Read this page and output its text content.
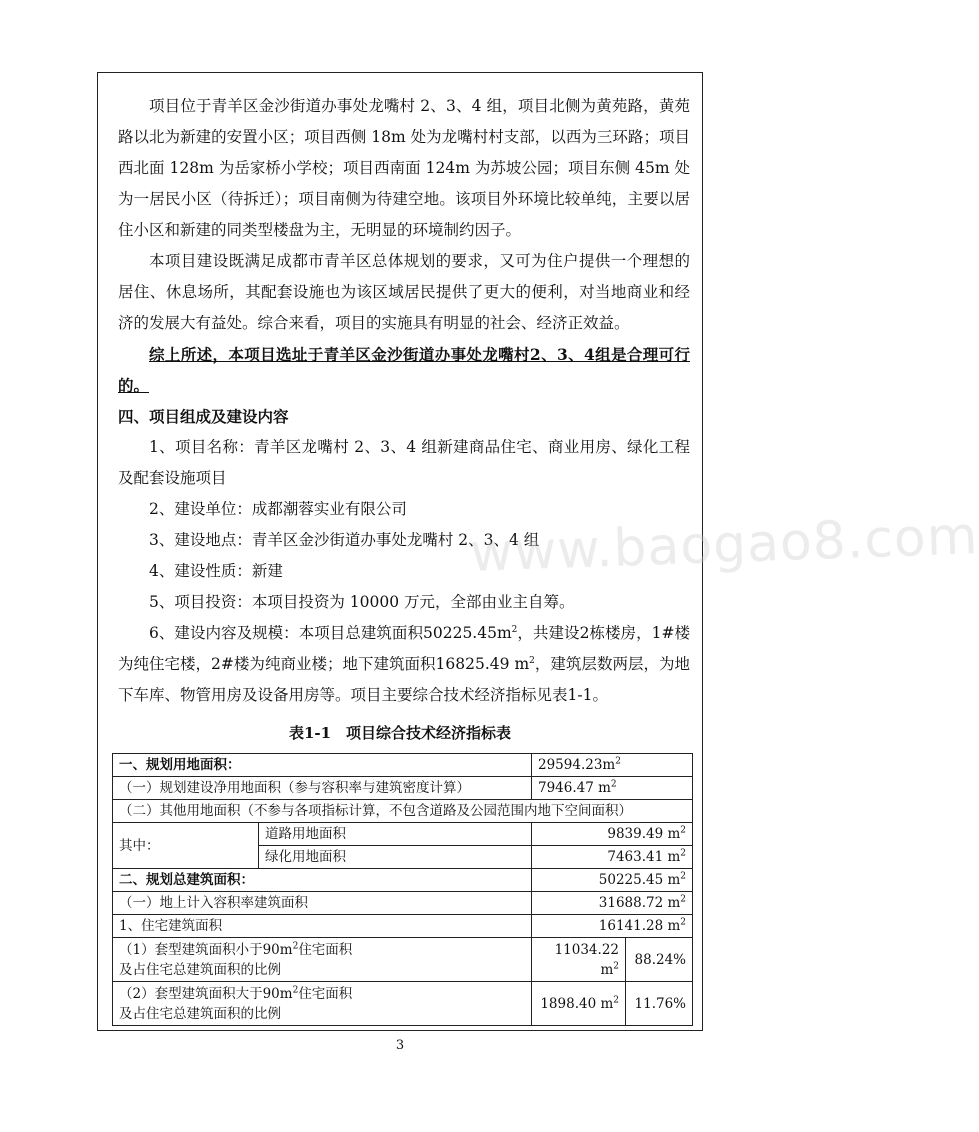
项目位于青羊区金沙街道办事处龙嘴村 2、3、4 组，项目北侧为黄苑路，黄苑路以北为新建的安置小区；项目西侧 18m 处为龙嘴村村支部，以西为三环路；项目西北面 128m 为岳家桥小学校；项目西南面 124m 为苏坡公园；项目东侧 45m 处为一居民小区（待拆迁）；项目南侧为待建空地。该项目外环境比较单纯，主要以居住小区和新建的同类型楼盘为主，无明显的环境制约因子。

本项目建设既满足成都市青羊区总体规划的要求，又可为住户提供一个理想的居住、休息场所，其配套设施也为该区域居民提供了更大的便利，对当地商业和经济的发展大有益处。综合来看，项目的实施具有明显的社会、经济正效益。

综上所述，本项目选址于青羊区金沙街道办事处龙嘴村2、3、4组是合理可行的。

四、项目组成及建设内容

1、项目名称：青羊区龙嘴村 2、3、4 组新建商品住宅、商业用房、绿化工程及配套设施项目

2、建设单位：成都潮蓉实业有限公司

3、建设地点：青羊区金沙街道办事处龙嘴村 2、3、4 组

4、建设性质：新建

5、项目投资：本项目投资为 10000 万元，全部由业主自筹。

6、建设内容及规模：本项目总建筑面积$50225.45m^2$，共建设2栋楼房，1#楼为纯住宅楼，2#楼为纯商业楼；地下建筑面积16825.49 $m^2$，建筑层数两层，为地下车库、物管用房及设备用房等。项目主要综合技术经济指标见表1-1。

表1-1　项目综合技术经济指标表
一、规划用地面积：		$29594.23m^2$
（一）规划建设净用地面积（参与容积率与建筑密度计算）		7946.47 $m^2$
（二）其他用地面积（不参与各项指标计算，不包含道路及公园范围内地下空间面积）			
其中：	道路用地面积	9839.49 $m^2$
	绿化用地面积	7463.41 $m^2$
二、规划总建筑面积：		50225.45 $m^2$
（一）地上计入容积率建筑面积		31688.72 $m^2$
1、住宅建筑面积		16141.28 $m^2$
（1）套型建筑面积小于$90m^2$住宅面积
及占住宅总建筑面积的比例		11034.22 $m^2$	88.24%
（2）套型建筑面积大于$90m^2$住宅面积
及占住宅总建筑面积的比例		1898.40 $m^2$	11.76%
www.baogao8.com
3
